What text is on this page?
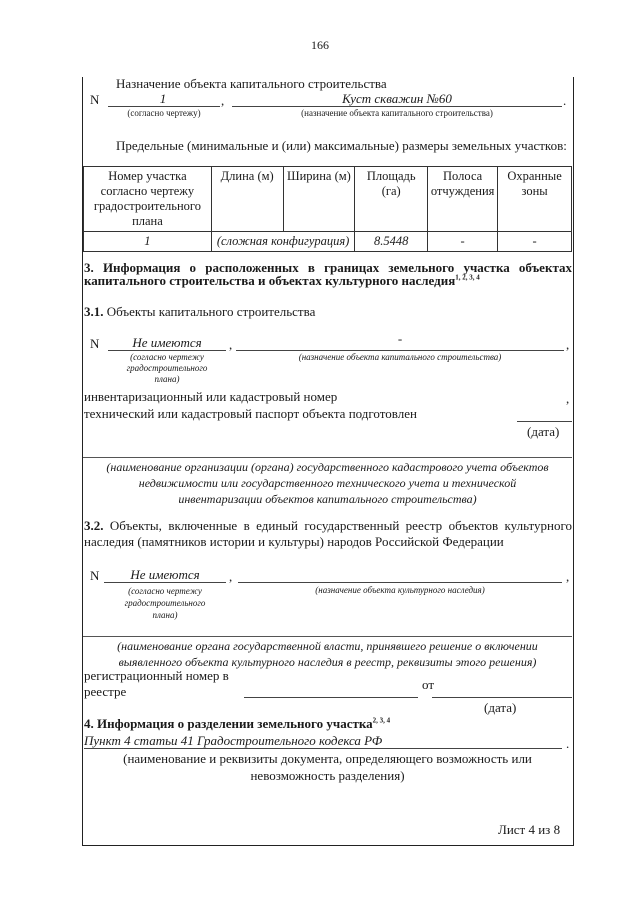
166
Назначение объекта капитального строительства
N	1	,	Куст скважин №60	.
(согласно чертежу)	(назначение объекта капитального строительства)
Предельные (минимальные и (или) максимальные) размеры земельных участков:
Номер участка согласно чертежу градостроительного плана	Длина (м)	Ширина (м)	Площадь (га)	Полоса отчуждения	Охранные зоны
1	(сложная конфигурация)		8.5448	-	-
3. Информация о расположенных в границах земельного участка объектах
капитального строительства и объектах культурного наследия$^{1, 2, 3, 4}$
3.1. Объекты капитального строительства
N	Не имеются	,	-	,
(согласно чертежу
градостроительного
плана)
(назначение объекта капитального строительства)
инвентаризационный или кадастровый номер	,
технический или кадастровый паспорт объекта подготовлен
(дата)
(наименование организации (органа) государственного кадастрового учета объектов
недвижимости или государственного технического учета и технической
инвентаризации объектов капитального строительства)
3.2. Объекты, включенные в единый государственный реестр объектов культурного
наследия (памятников истории и культуры) народов Российской Федерации
N	Не имеются	,	,
(согласно чертежу
градостроительного
плана)
(назначение объекта культурного наследия)
(наименование органа государственной власти, принявшего решение о включении
выявленного объекта культурного наследия в реестр, реквизиты этого решения)
регистрационный номер в
реестре	от
(дата)
4. Информация о разделении земельного участка$^{2, 3, 4}$
Пункт 4 статьи 41 Градостроительного кодекса РФ	.
(наименование и реквизиты документа, определяющего возможность или
невозможность разделения)
Лист 4 из 8
